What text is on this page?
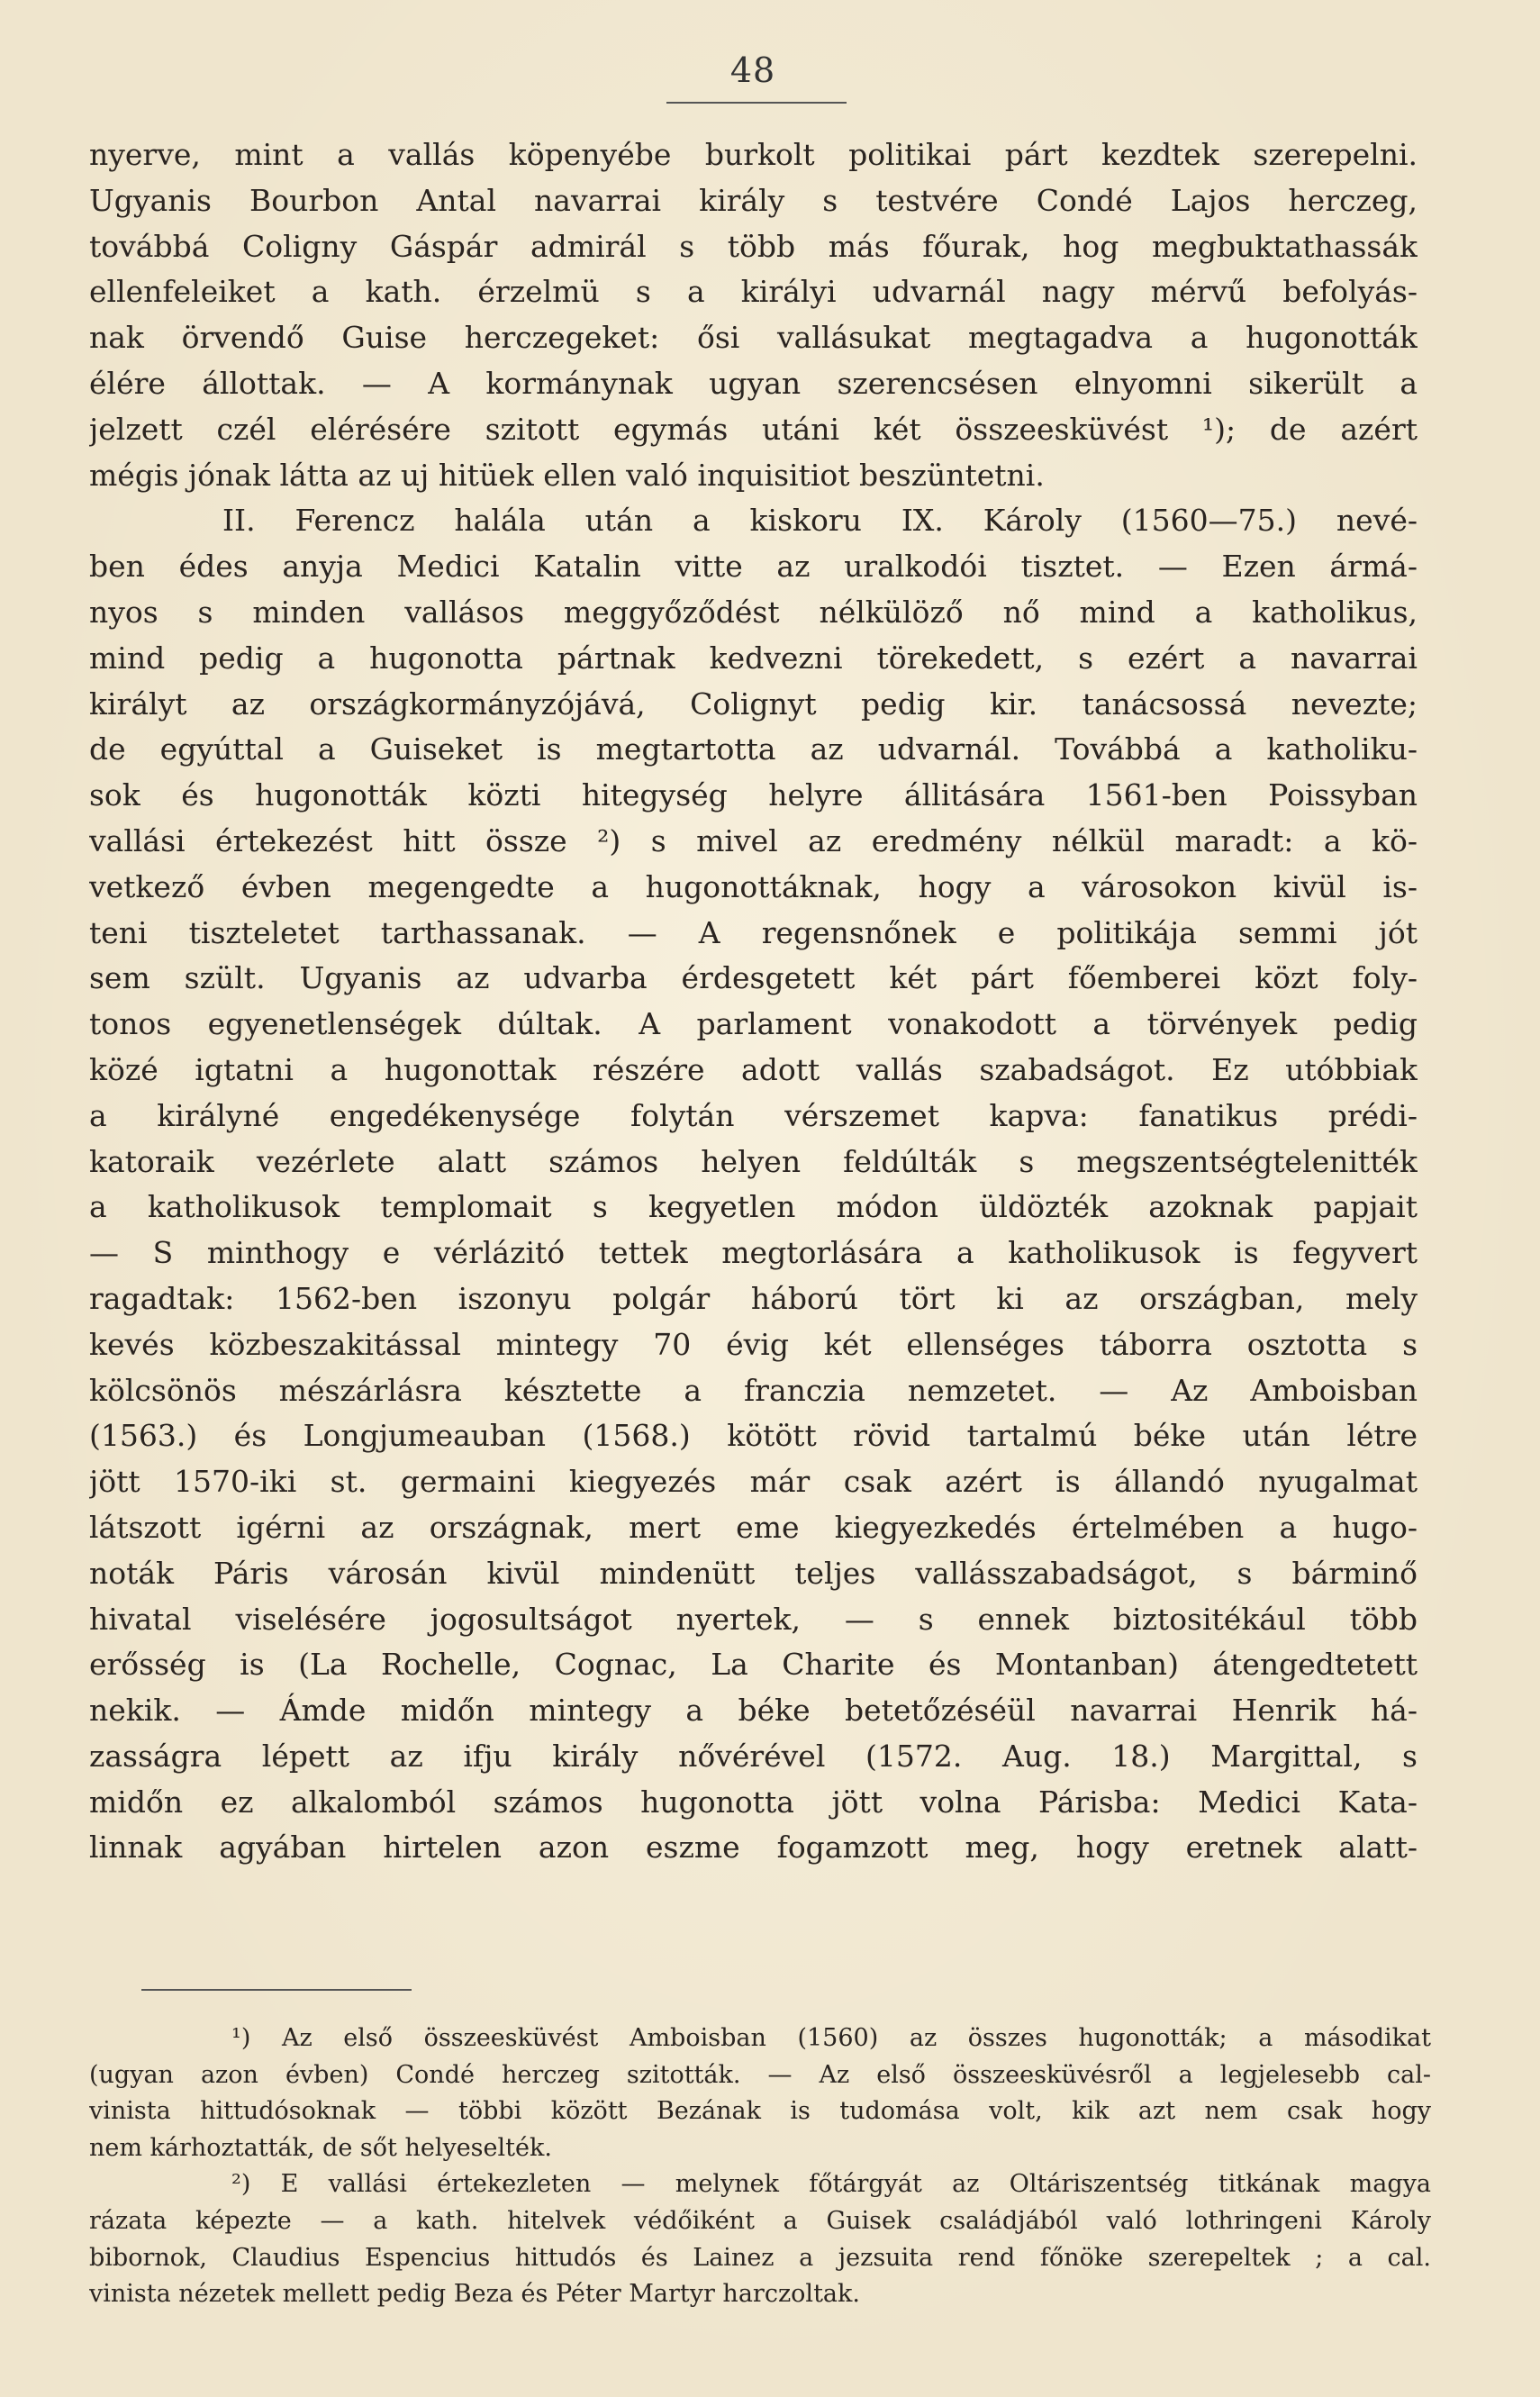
48
nyerve, mint a vallás köpenyébe burkolt politikai párt kezdtek szerepelni.
Ugyanis Bourbon Antal navarrai király s testvére Condé Lajos herczeg,
továbbá Coligny Gáspár admirál s több más főurak, hog megbuktathassák
ellenfeleiket a kath. érzelmü s a királyi udvarnál nagy mérvű befolyás-
nak örvendő Guise herczegeket: ősi vallásukat megtagadva a hugonották
élére állottak. — A kormánynak ugyan szerencsésen elnyomni sikerült a
jelzett czél elérésére szitott egymás utáni két összeesküvést ¹); de azért
mégis jónak látta az uj hitüek ellen való inquisitiot beszüntetni.
II. Ferencz halála után a kiskoru IX. Károly (1560—75.) nevé-
ben édes anyja Medici Katalin vitte az uralkodói tisztet. — Ezen ármá-
nyos s minden vallásos meggyőződést nélkülöző nő mind a katholikus,
mind pedig a hugonotta pártnak kedvezni törekedett, s ezért a navarrai
királyt az országkormányzójává, Colignyt pedig kir. tanácsossá nevezte;
de egyúttal a Guiseket is megtartotta az udvarnál. Továbbá a katholiku-
sok és hugonották közti hitegység helyre állitására 1561-ben Poissyban
vallási értekezést hitt össze ²) s mivel az eredmény nélkül maradt: a kö-
vetkező évben megengedte a hugonottáknak, hogy a városokon kivül is-
teni tiszteletet tarthassanak. — A regensnőnek e politikája semmi jót
sem szült. Ugyanis az udvarba érdesgetett két párt főemberei közt foly-
tonos egyenetlenségek dúltak. A parlament vonakodott a törvények pedig
közé igtatni a hugonottak részére adott vallás szabadságot. Ez utóbbiak
a királyné engedékenysége folytán vérszemet kapva: fanatikus prédi-
katoraik vezérlete alatt számos helyen feldúlták s megszentségtelenitték
a katholikusok templomait s kegyetlen módon üldözték azoknak papjait
— S minthogy e vérlázitó tettek megtorlására a katholikusok is fegyvert
ragadtak: 1562-ben iszonyu polgár háború tört ki az országban, mely
kevés közbeszakitással mintegy 70 évig két ellenséges táborra osztotta s
kölcsönös mészárlásra késztette a franczia nemzetet. — Az Amboisban
(1563.) és Longjumeauban (1568.) kötött rövid tartalmú béke után létre
jött 1570-iki st. germaini kiegyezés már csak azért is állandó nyugalmat
látszott igérni az országnak, mert eme kiegyezkedés értelmében a hugo-
noták Páris városán kivül mindenütt teljes vallásszabadságot, s bárminő
hivatal viselésére jogosultságot nyertek, — s ennek biztositékául több
erősség is (La Rochelle, Cognac, La Charite és Montanban) átengedtetett
nekik. — Ámde midőn mintegy a béke betetőzéséül navarrai Henrik há-
zasságra lépett az ifju király nővérével (1572. Aug. 18.) Margittal, s
midőn ez alkalomból számos hugonotta jött volna Párisba: Medici Kata-
linnak agyában hirtelen azon eszme fogamzott meg, hogy eretnek alatt-
¹) Az első összeesküvést Amboisban (1560) az összes hugonották; a másodikat
(ugyan azon évben) Condé herczeg szitották. — Az első összeesküvésről a legjelesebb cal-
vinista hittudósoknak — többi között Bezának is tudomása volt, kik azt nem csak hogy
nem kárhoztatták, de sőt helyeselték.
²) E vallási értekezleten — melynek főtárgyát az Oltáriszentség titkának magya
rázata képezte — a kath. hitelvek védőiként a Guisek családjából való lothringeni Károly
bibornok, Claudius Espencius hittudós és Lainez a jezsuita rend főnöke szerepeltek ; a cal.
vinista nézetek mellett pedig Beza és Péter Martyr harczoltak.
